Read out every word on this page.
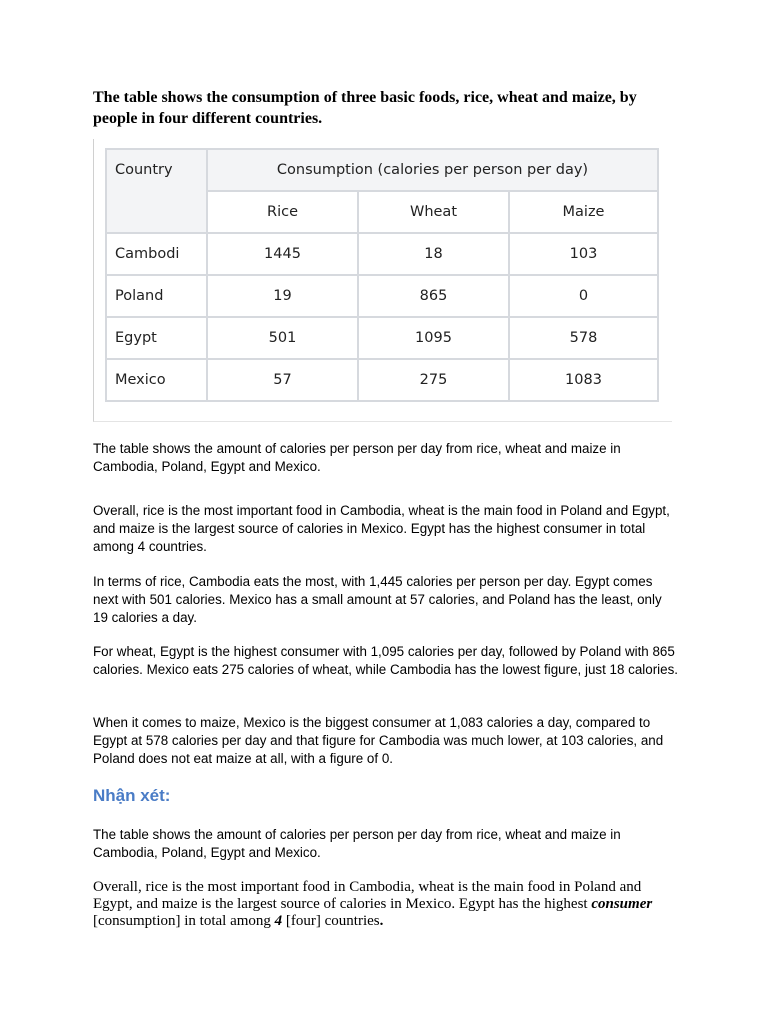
The table shows the consumption of three basic foods, rice, wheat and maize, by people in four different countries.

Country	Consumption (calories per person per day)		
	Rice	Wheat	Maize
Cambodi	1445	18	103
Poland	19	865	0
Egypt	501	1095	578
Mexico	57	275	1083

The table shows the amount of calories per person per day from rice, wheat and maize in Cambodia, Poland, Egypt and Mexico.

Overall, rice is the most important food in Cambodia, wheat is the main food in Poland and Egypt, and maize is the largest source of calories in Mexico. Egypt has the highest consumer in total among 4 countries.

In terms of rice, Cambodia eats the most, with 1,445 calories per person per day. Egypt comes next with 501 calories. Mexico has a small amount at 57 calories, and Poland has the least, only 19 calories a day.

For wheat, Egypt is the highest consumer with 1,095 calories per day, followed by Poland with 865 calories. Mexico eats 275 calories of wheat, while Cambodia has the lowest figure, just 18 calories.

When it comes to maize, Mexico is the biggest consumer at 1,083 calories a day, compared to Egypt at 578 calories per day and that figure for Cambodia was much lower, at 103 calories, and Poland does not eat maize at all, with a figure of 0.

Nhận xét:

The table shows the amount of calories per person per day from rice, wheat and maize in Cambodia, Poland, Egypt and Mexico.

Overall, rice is the most important food in Cambodia, wheat is the main food in Poland and Egypt, and maize is the largest source of calories in Mexico. Egypt has the highest consumer [consumption] in total among 4 [four] countries.
